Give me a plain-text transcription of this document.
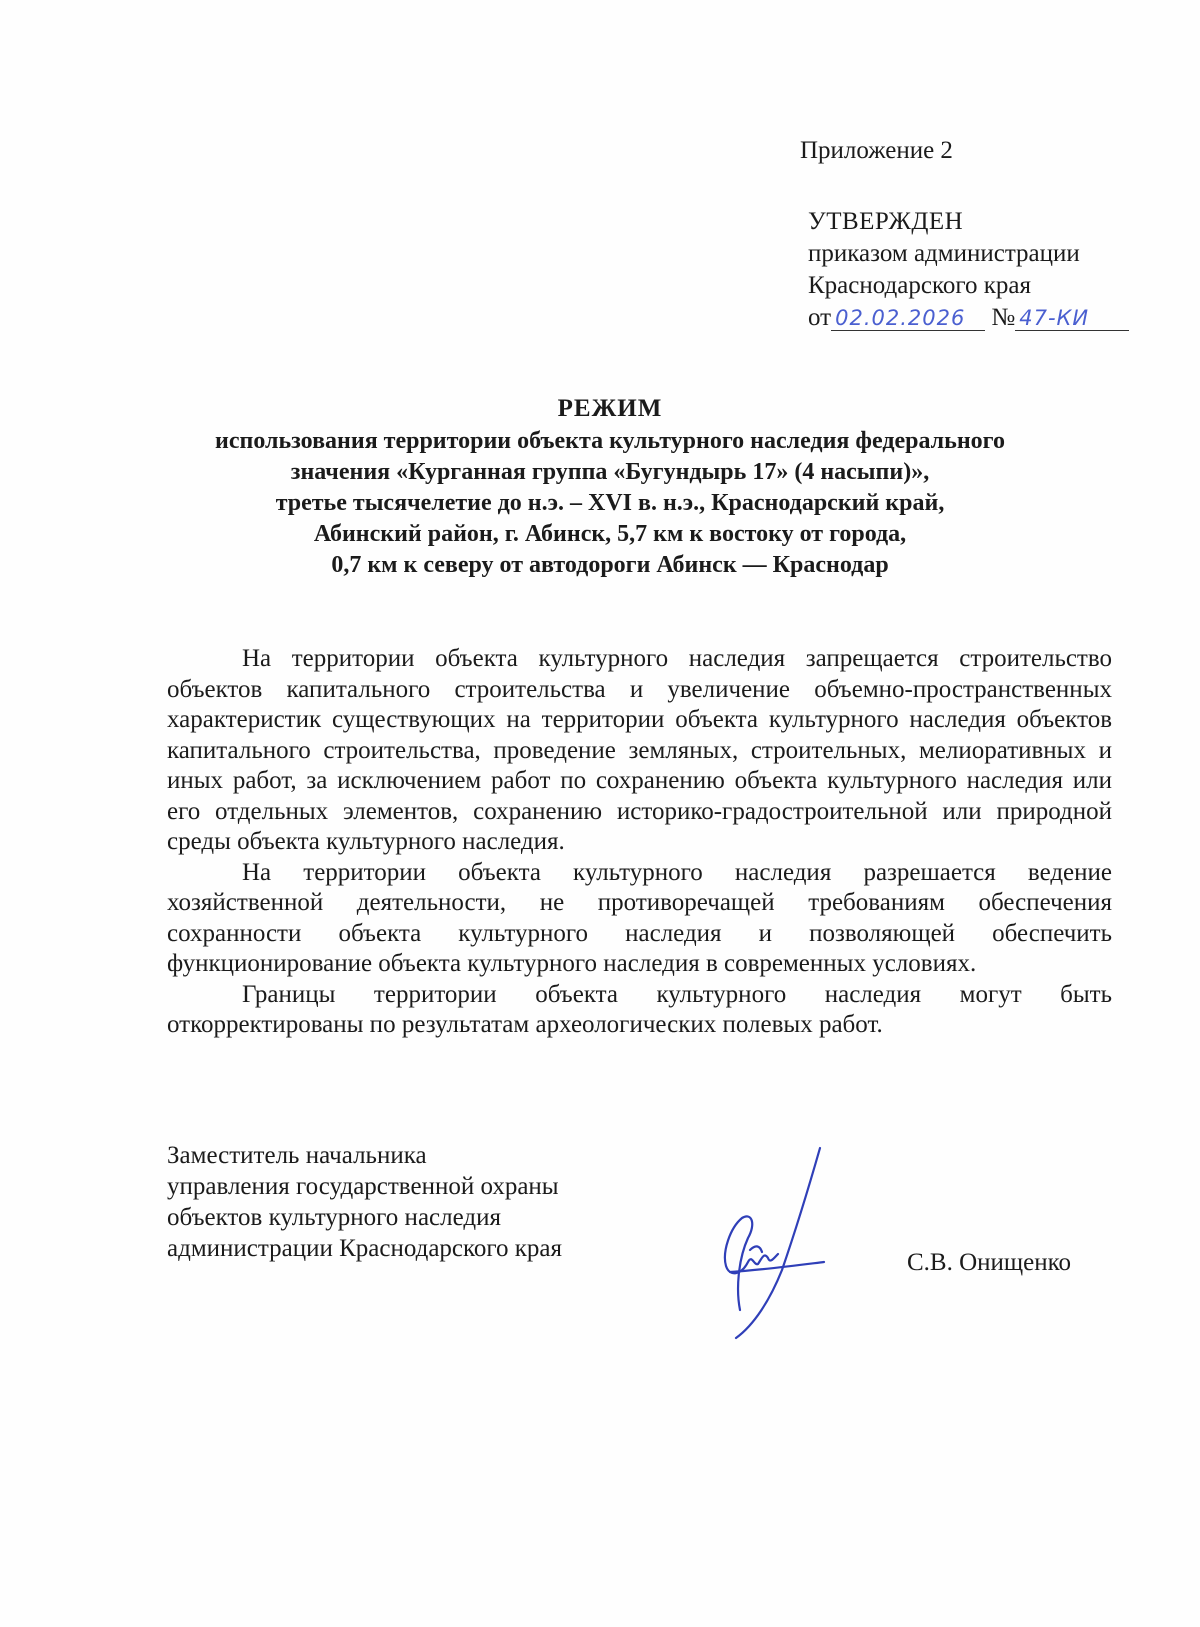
Приложение 2
УТВЕРЖДЕН
приказом администрации
Краснодарского края
от 02.02.2026 № 47-КИ
РЕЖИМ
использования территории объекта культурного наследия федерального
значения «Курганная группа «Бугундырь 17» (4 насыпи)»,
третье тысячелетие до н.э. – XVI в. н.э., Краснодарский край,
Абинский район, г. Абинск, 5,7 км к востоку от города,
0,7 км к северу от автодороги Абинск — Краснодар

На территории объекта культурного наследия запрещается строительство объектов капитального строительства и увеличение объемно-пространственных характеристик существующих на территории объекта культурного наследия объектов капитального строительства, проведение земляных, строительных, мелиоративных и иных работ, за исключением работ по сохранению объекта культурного наследия или его отдельных элементов, сохранению историко-градостроительной или природной среды объекта культурного наследия.

На территории объекта культурного наследия разрешается ведение хозяйственной деятельности, не противоречащей требованиям обеспечения сохранности объекта культурного наследия и позволяющей обеспечить функционирование объекта культурного наследия в современных условиях.

Границы территории объекта культурного наследия могут быть откорректированы по результатам археологических полевых работ.

Заместитель начальника
управления государственной охраны
объектов культурного наследия
администрации Краснодарского края
С.В. Онищенко
